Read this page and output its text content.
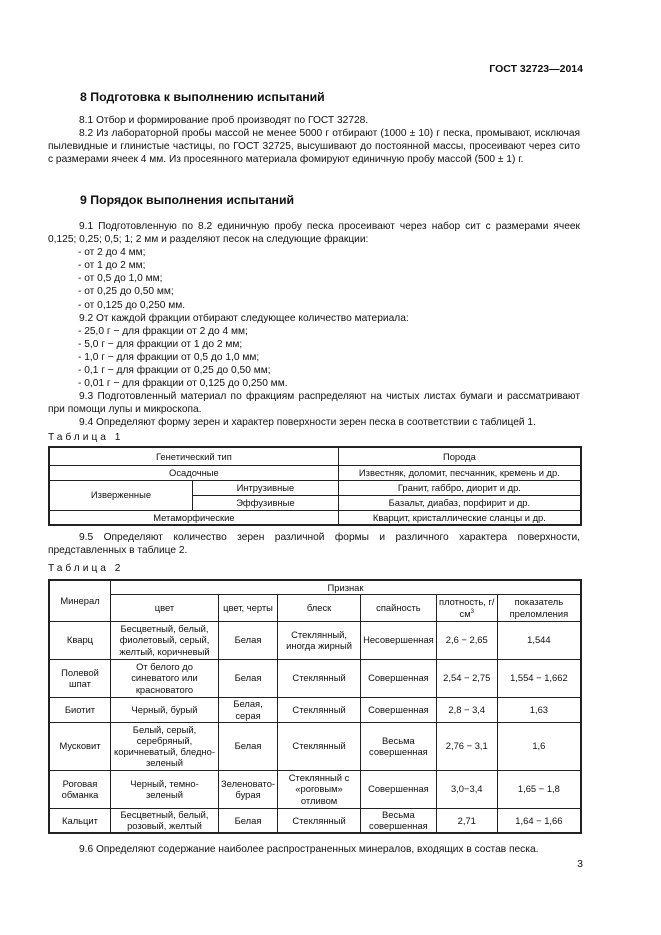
ГОСТ 32723—2014
8 Подготовка к выполнению испытаний

8.1 Отбор и формирование проб производят по ГОСТ 32728.

8.2 Из лабораторной пробы массой не менее 5000 г отбирают (1000 ± 10) г песка, промывают, исключая пылевидные и глинистые частицы, по ГОСТ 32725, высушивают до постоянной массы, просеивают через сито с размерами ячеек 4 мм. Из просеянного материала фомируют единичную пробу массой (500 ± 1) г.

9 Порядок выполнения испытаний

9.1 Подготовленную по 8.2 единичную пробу песка просеивают через набор сит с размерами ячеек 0,125; 0,25; 0,5; 1; 2 мм и разделяют песок на следующие фракции:

- от 2 до 4 мм;

- от 1 до 2 мм;

- от 0,5 до 1,0 мм;

- от 0,25 до 0,50 мм;

- от 0,125 до 0,250 мм.

9.2 От каждой фракции отбирают следующее количество материала:

- 25,0 г − для фракции от 2 до 4 мм;

- 5,0 г − для фракции от 1 до 2 мм;

- 1,0 г − для фракции от 0,5 до 1,0 мм;

- 0,1 г − для фракции от 0,25 до 0,50 мм;

- 0,01 г − для фракции от 0,125 до 0,250 мм.

9.3 Подготовленный материал по фракциям распределяют на чистых листах бумаги и рассматривают при помощи лупы и микроскопа.

9.4 Определяют форму зерен и характер поверхности зерен песка в соответствии с таблицей 1.

Таблица 1
Генетический тип		Порода
Осадочные		Известняк, доломит, песчанник, кремень и др.
Изверженные	Интрузивные	Гранит, габбро, диорит и др.
	Эффузивные	Базальт, диабаз, порфирит и др.
Метаморфические		Кварцит, кристаллические сланцы и др.

9.5 Определяют количество зерен различной формы и различного характера поверхности, представленных в таблице 2.

Таблица 2
Минерал	Признак					
	цвет	цвет, черты	блеск	спайность	плотность, $г/см^3$	показатель преломления
Кварц	Бесцветный, белый, фиолетовый, серый, желтый, коричневый	Белая	Стеклянный, иногда жирный	Несовершенная	2,6 − 2,65	1,544
Полевой шпат	От белого до синеватого или красноватого	Белая	Стеклянный	Совершенная	2,54 − 2,75	1,554 − 1,662
Биотит	Черный, бурый	Белая, серая	Стеклянный	Совершенная	2,8 − 3,4	1,63
Мусковит	Белый, серый, серебряный, коричневатый, бледно-зеленый	Белая	Стеклянный	Весьма совершенная	2,76 − 3,1	1,6
Роговая обманка	Черный, темно-зеленый	Зеленовато-бурая	Стеклянный с «роговым» отливом	Совершенная	3,0−3,4	1,65 − 1,8
Кальцит	Бесцветный, белый, розовый, желтый	Белая	Стеклянный	Весьма совершенная	2,71	1,64 − 1,66

9.6 Определяют содержание наиболее распространенных минералов, входящих в состав песка.

3
